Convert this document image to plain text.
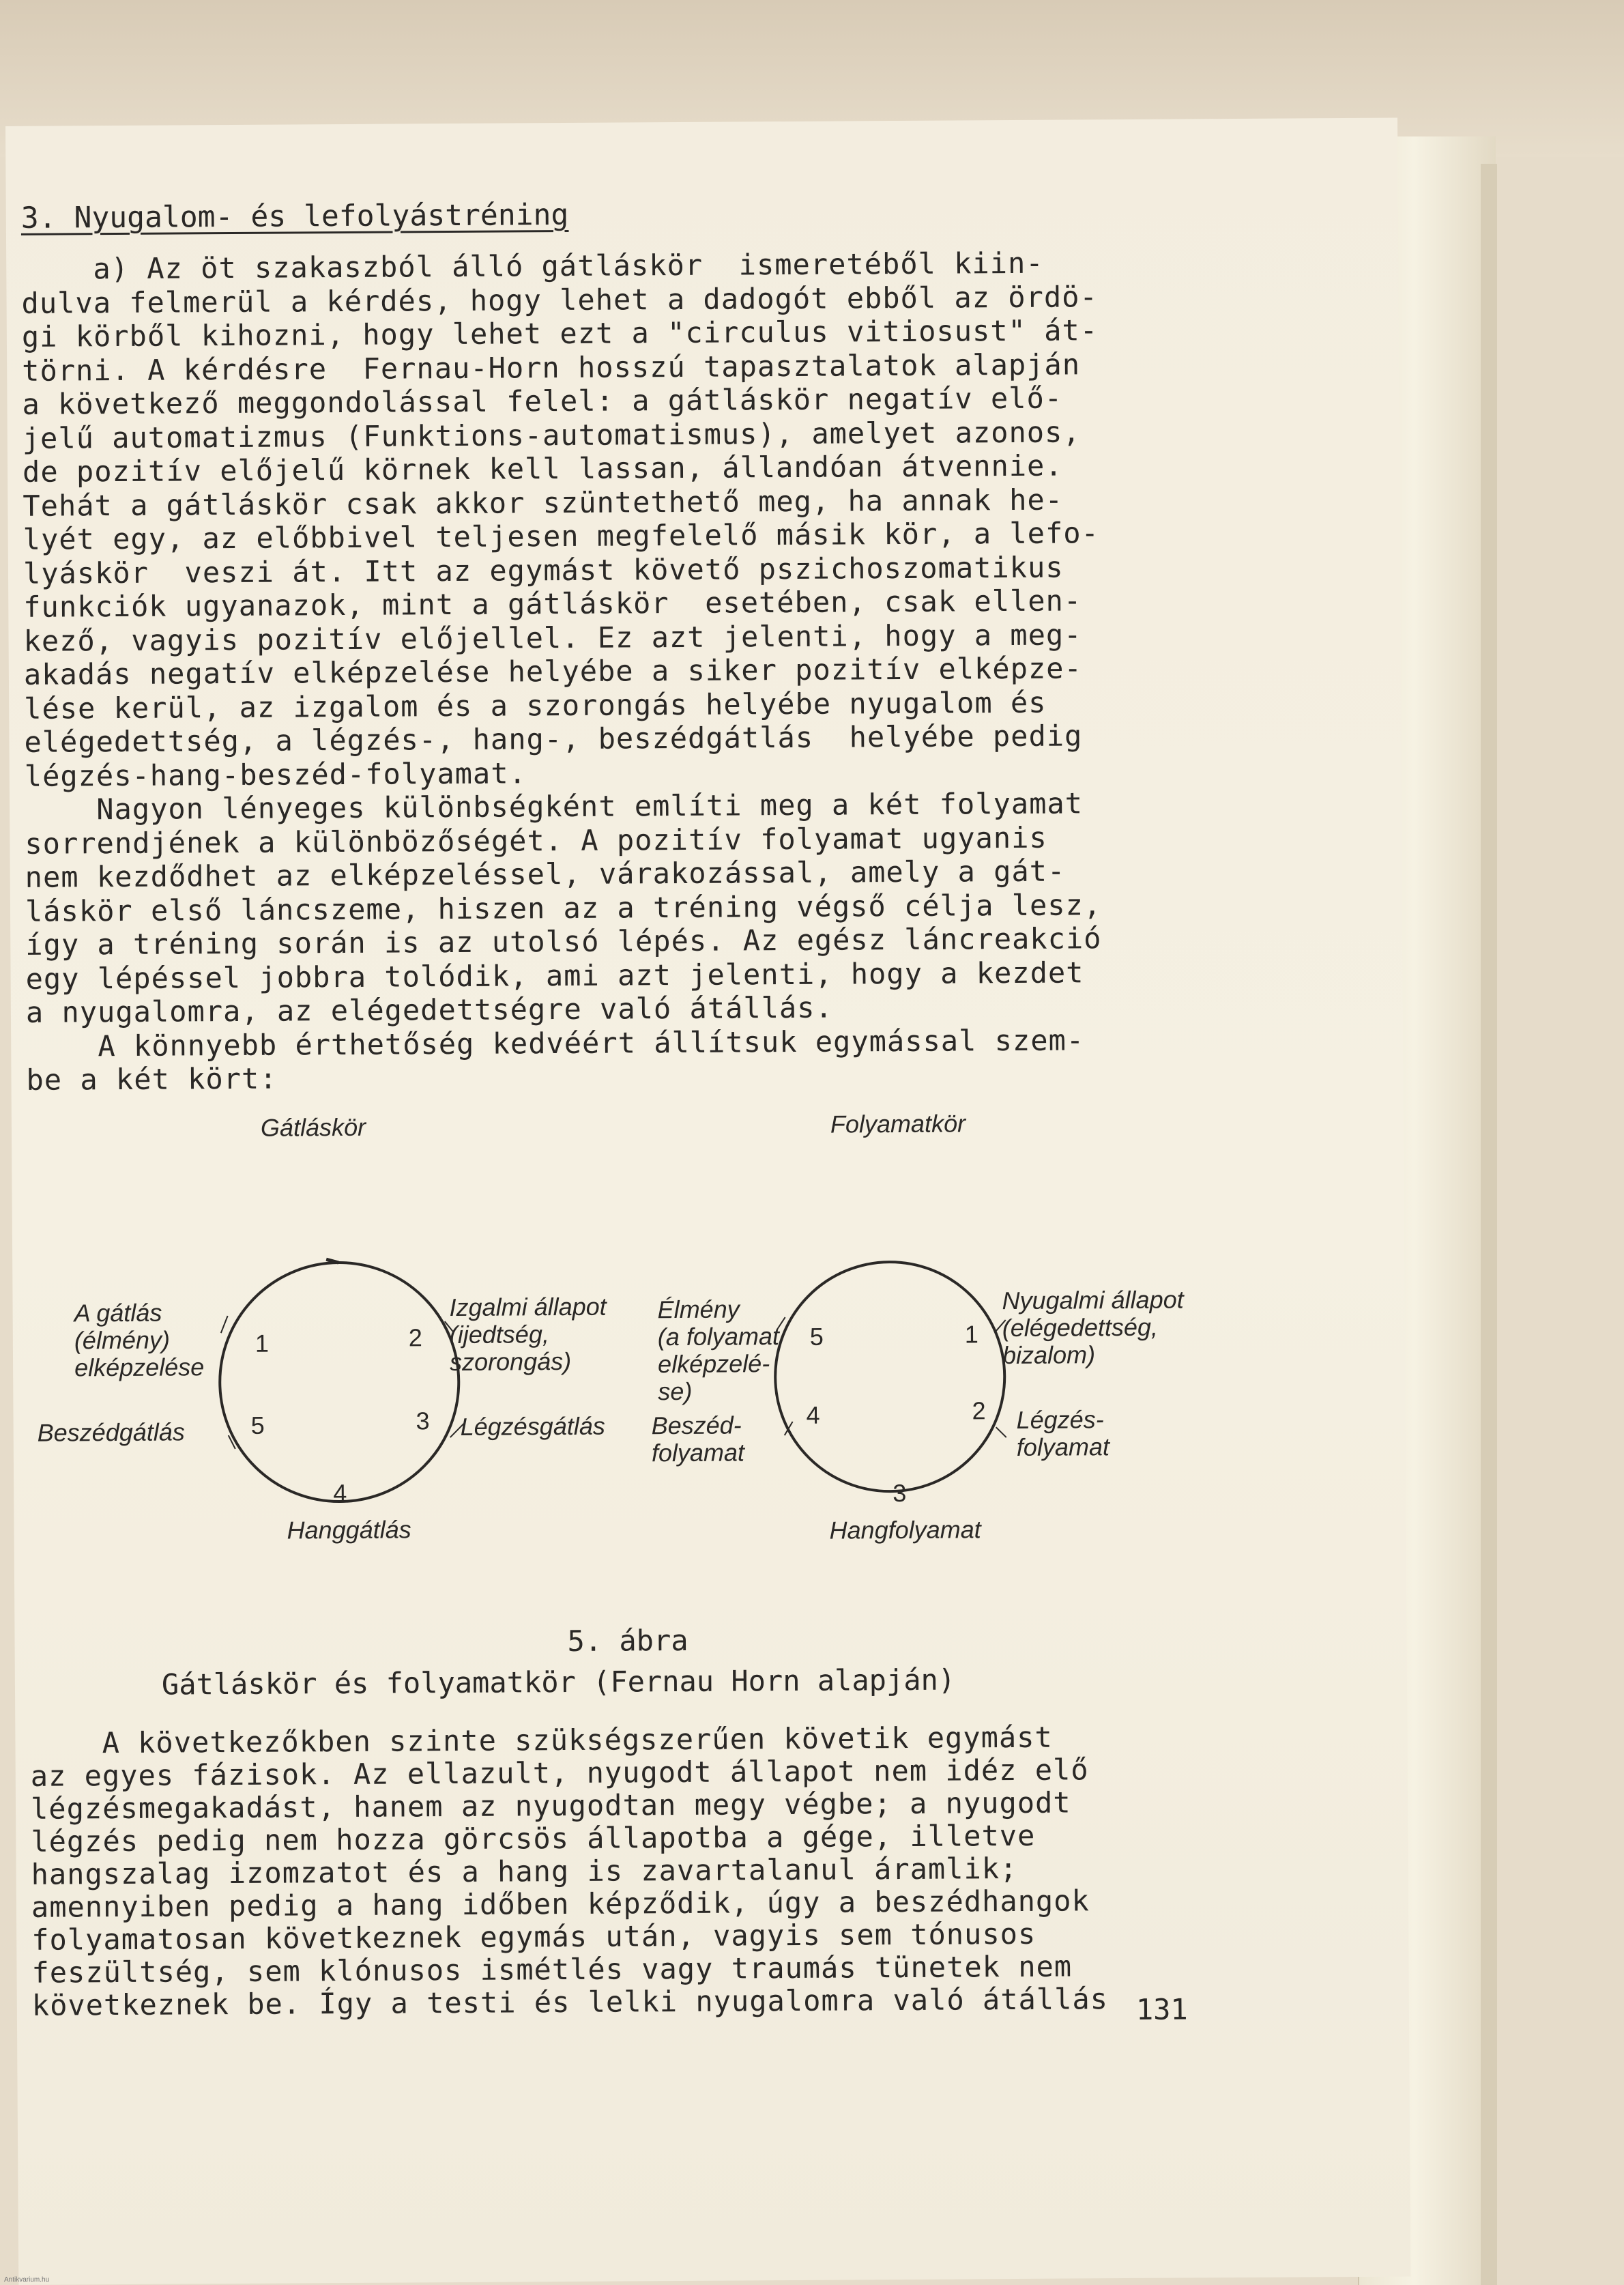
3. Nyugalom- és lefolyástréning
a) Az öt szakaszból álló gátláskör  ismeretéből kiin-
dulva felmerül a kérdés, hogy lehet a dadogót ebből az ördö-
gi körből kihozni, hogy lehet ezt a "circulus vitiosust" át-
törni. A kérdésre  Fernau-Horn hosszú tapasztalatok alapján
a következő meggondolással felel: a gátláskör negatív elő-
jelű automatizmus (Funktions-automatismus), amelyet azonos,
de pozitív előjelű körnek kell lassan, állandóan átvennie.
Tehát a gátláskör csak akkor szüntethető meg, ha annak he-
lyét egy, az előbbivel teljesen megfelelő másik kör, a lefo-
lyáskör  veszi át. Itt az egymást követő pszichoszomatikus
funkciók ugyanazok, mint a gátláskör  esetében, csak ellen-
kező, vagyis pozitív előjellel. Ez azt jelenti, hogy a meg-
akadás negatív elképzelése helyébe a siker pozitív elképze-
lése kerül, az izgalom és a szorongás helyébe nyugalom és
elégedettség, a légzés-, hang-, beszédgátlás  helyébe pedig
légzés-hang-beszéd-folyamat.
Nagyon lényeges különbségként említi meg a két folyamat
sorrendjének a különbözőségét. A pozitív folyamat ugyanis
nem kezdődhet az elképzeléssel, várakozással, amely a gát-
láskör első láncszeme, hiszen az a tréning végső célja lesz,
így a tréning során is az utolsó lépés. Az egész láncreakció
egy lépéssel jobbra tolódik, ami azt jelenti, hogy a kezdet
a nyugalomra, az elégedettségre való átállás.
A könnyebb érthetőség kedvéért állítsuk egymással szem-
be a két kört:
Gátláskör	Folyamatkör
1	2
3
4
5
A gátlás
(élmény)
elképzelése
Izgalmi állapot
(ijedtség,
szorongás)
Légzésgátlás
Hanggátlás
Beszédgátlás
1
2
3
4
5
Nyugalmi állapot
(elégedettség,
bizalom)
Légzés-
folyamat
Hangfolyamat
Beszéd-
folyamat
Élmény
(a folyamat
elképzelé-
se)
5. ábra
Gátláskör és folyamatkör (Fernau Horn alapján)
A következőkben szinte szükségszerűen követik egymást
az egyes fázisok. Az ellazult, nyugodt állapot nem idéz elő
légzésmegakadást, hanem az nyugodtan megy végbe; a nyugodt
légzés pedig nem hozza görcsös állapotba a gége, illetve
hangszalag izomzatot és a hang is zavartalanul áramlik;
amennyiben pedig a hang időben képződik, úgy a beszédhangok
folyamatosan következnek egymás után, vagyis sem tónusos
feszültség, sem klónusos ismétlés vagy traumás tünetek nem
következnek be. Így a testi és lelki nyugalomra való átállás 131
Antikvarium.hu
